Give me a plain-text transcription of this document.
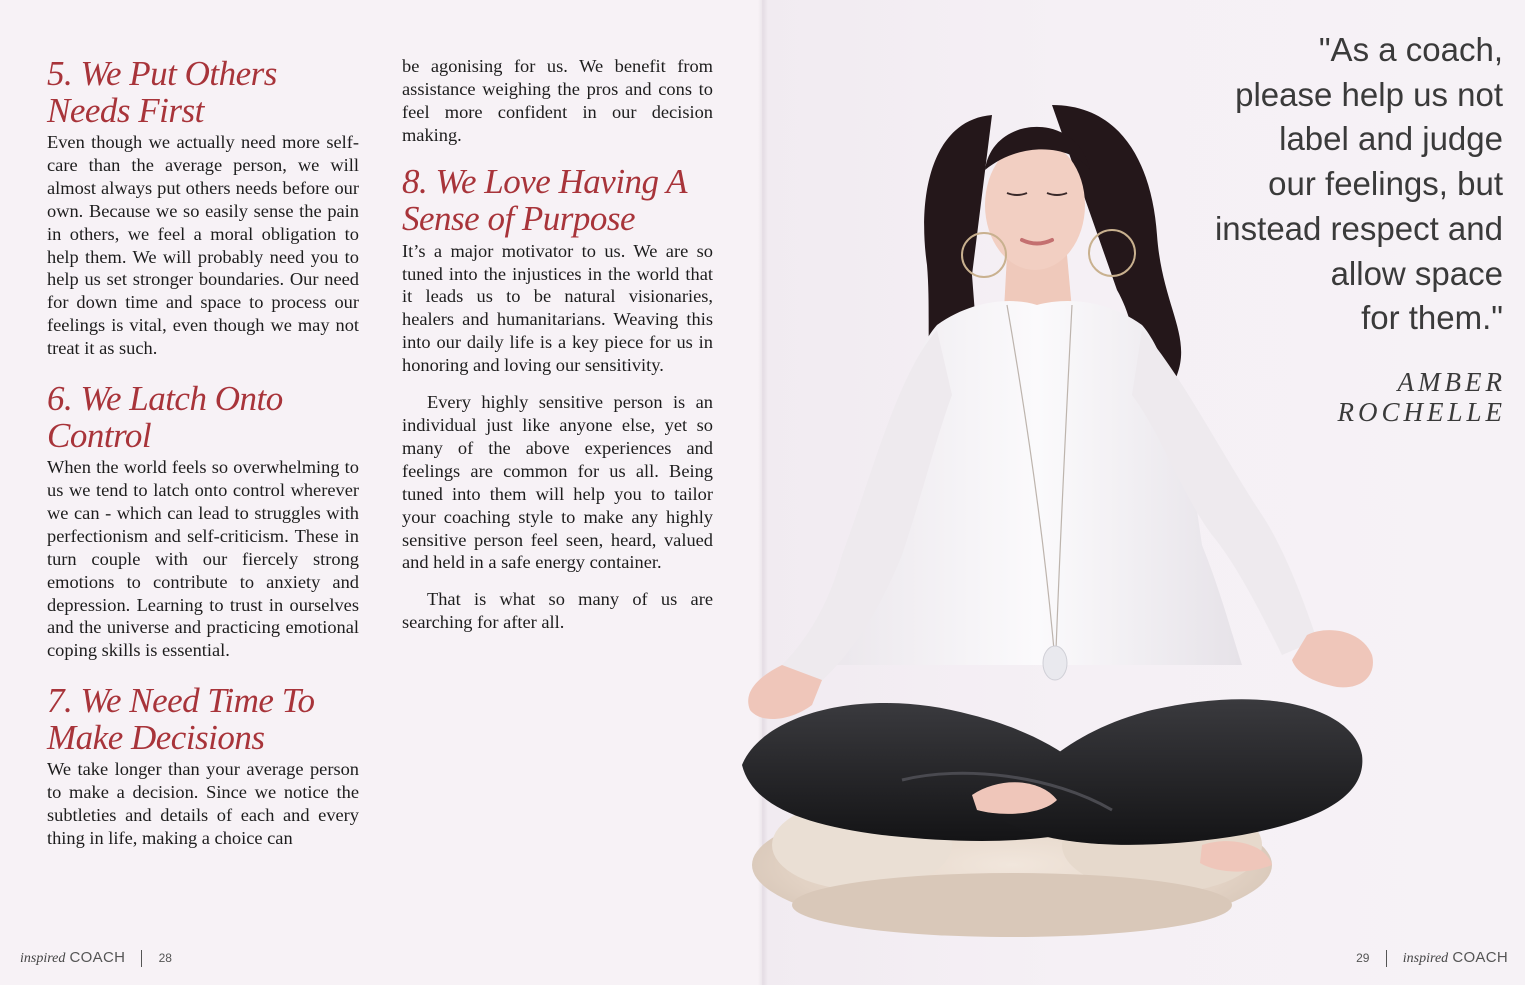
5. We Put Others
Needs First

Even though we actually need more self-care than the average person, we will almost always put others needs before our own. Because we so easily sense the pain in others, we feel a moral obligation to help them. We will probably need you to help us set stronger boundaries. Our need for down time and space to process our feelings is vital, even though we may not treat it as such.

6. We Latch Onto
Control

When the world feels so overwhelming to us we tend to latch onto control wherever we can - which can lead to struggles with perfectionism and self-criticism. These in turn couple with our fiercely strong emotions to contribute to anxiety and depression. Learning to trust in ourselves and the universe and practicing emotional coping skills is essential.

7. We Need Time To
Make Decisions

We take longer than your average person to make a decision. Since we notice the subtleties and details of each and every thing in life, making a choice can

be agonising for us. We benefit from assistance weighing the pros and cons to feel more confident in our decision making.

8. We Love Having A
Sense of Purpose

It’s a major motivator to us. We are so tuned into the injustices in the world that it leads us to be natural visionaries, healers and humanitarians. Weaving this into our daily life is a key piece for us in honoring and loving our sensitivity.

Every highly sensitive person is an individual just like anyone else, yet so many of the above experiences and feelings are common for us all. Being tuned into them will help you to tailor your coaching style to make any highly sensitive person feel seen, heard, valued and held in a safe energy container.

That is what so many of us are searching for after all.

inspired COACH	28
"As a coach,
please help us not
label and judge
our feelings, but
instead respect and
allow space
for them."
AMBER
ROCHELLE
29 inspired COACH
